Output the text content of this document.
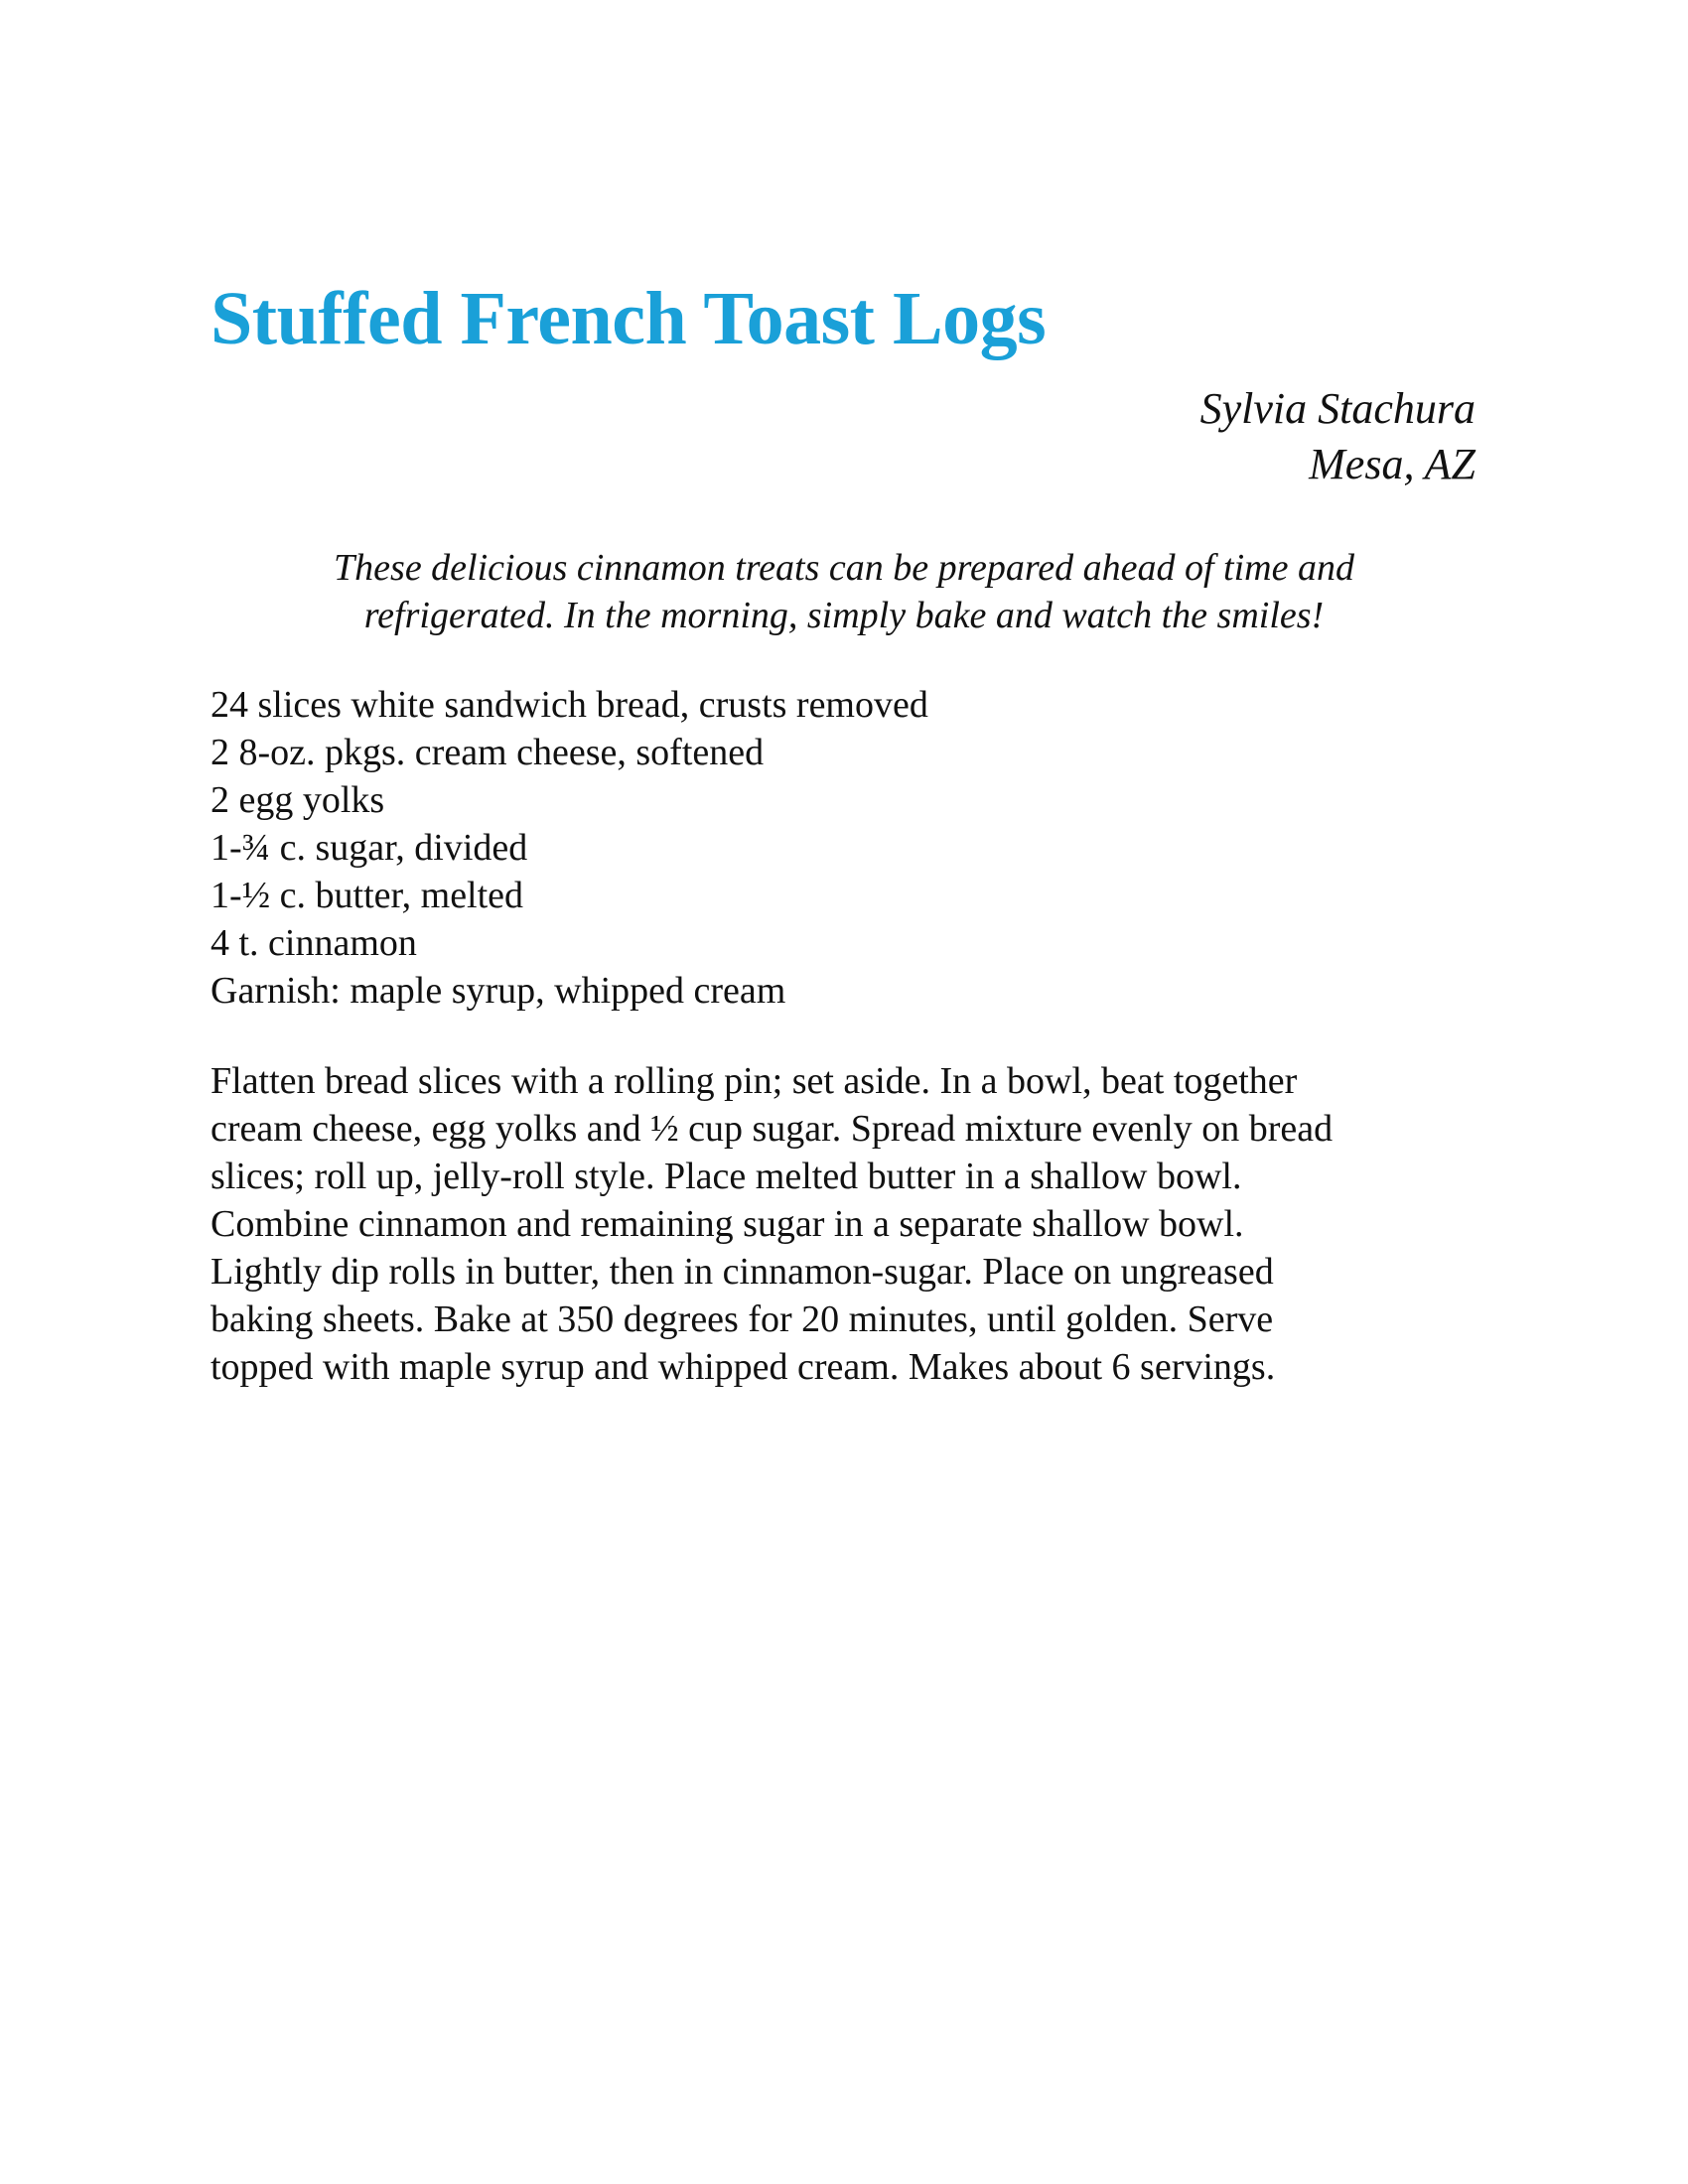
Stuffed French Toast Logs
Sylvia Stachura
Mesa, AZ
These delicious cinnamon treats can be prepared ahead of time and
refrigerated. In the morning, simply bake and watch the smiles!
24 slices white sandwich bread, crusts removed
2 8-oz. pkgs. cream cheese, softened
2 egg yolks
1-¾ c. sugar, divided
1-½ c. butter, melted
4 t. cinnamon
Garnish: maple syrup, whipped cream
Flatten bread slices with a rolling pin; set aside. In a bowl, beat together
cream cheese, egg yolks and ½ cup sugar. Spread mixture evenly on bread
slices; roll up, jelly-roll style. Place melted butter in a shallow bowl.
Combine cinnamon and remaining sugar in a separate shallow bowl.
Lightly dip rolls in butter, then in cinnamon-sugar. Place on ungreased
baking sheets. Bake at 350 degrees for 20 minutes, until golden. Serve
topped with maple syrup and whipped cream. Makes about 6 servings.
